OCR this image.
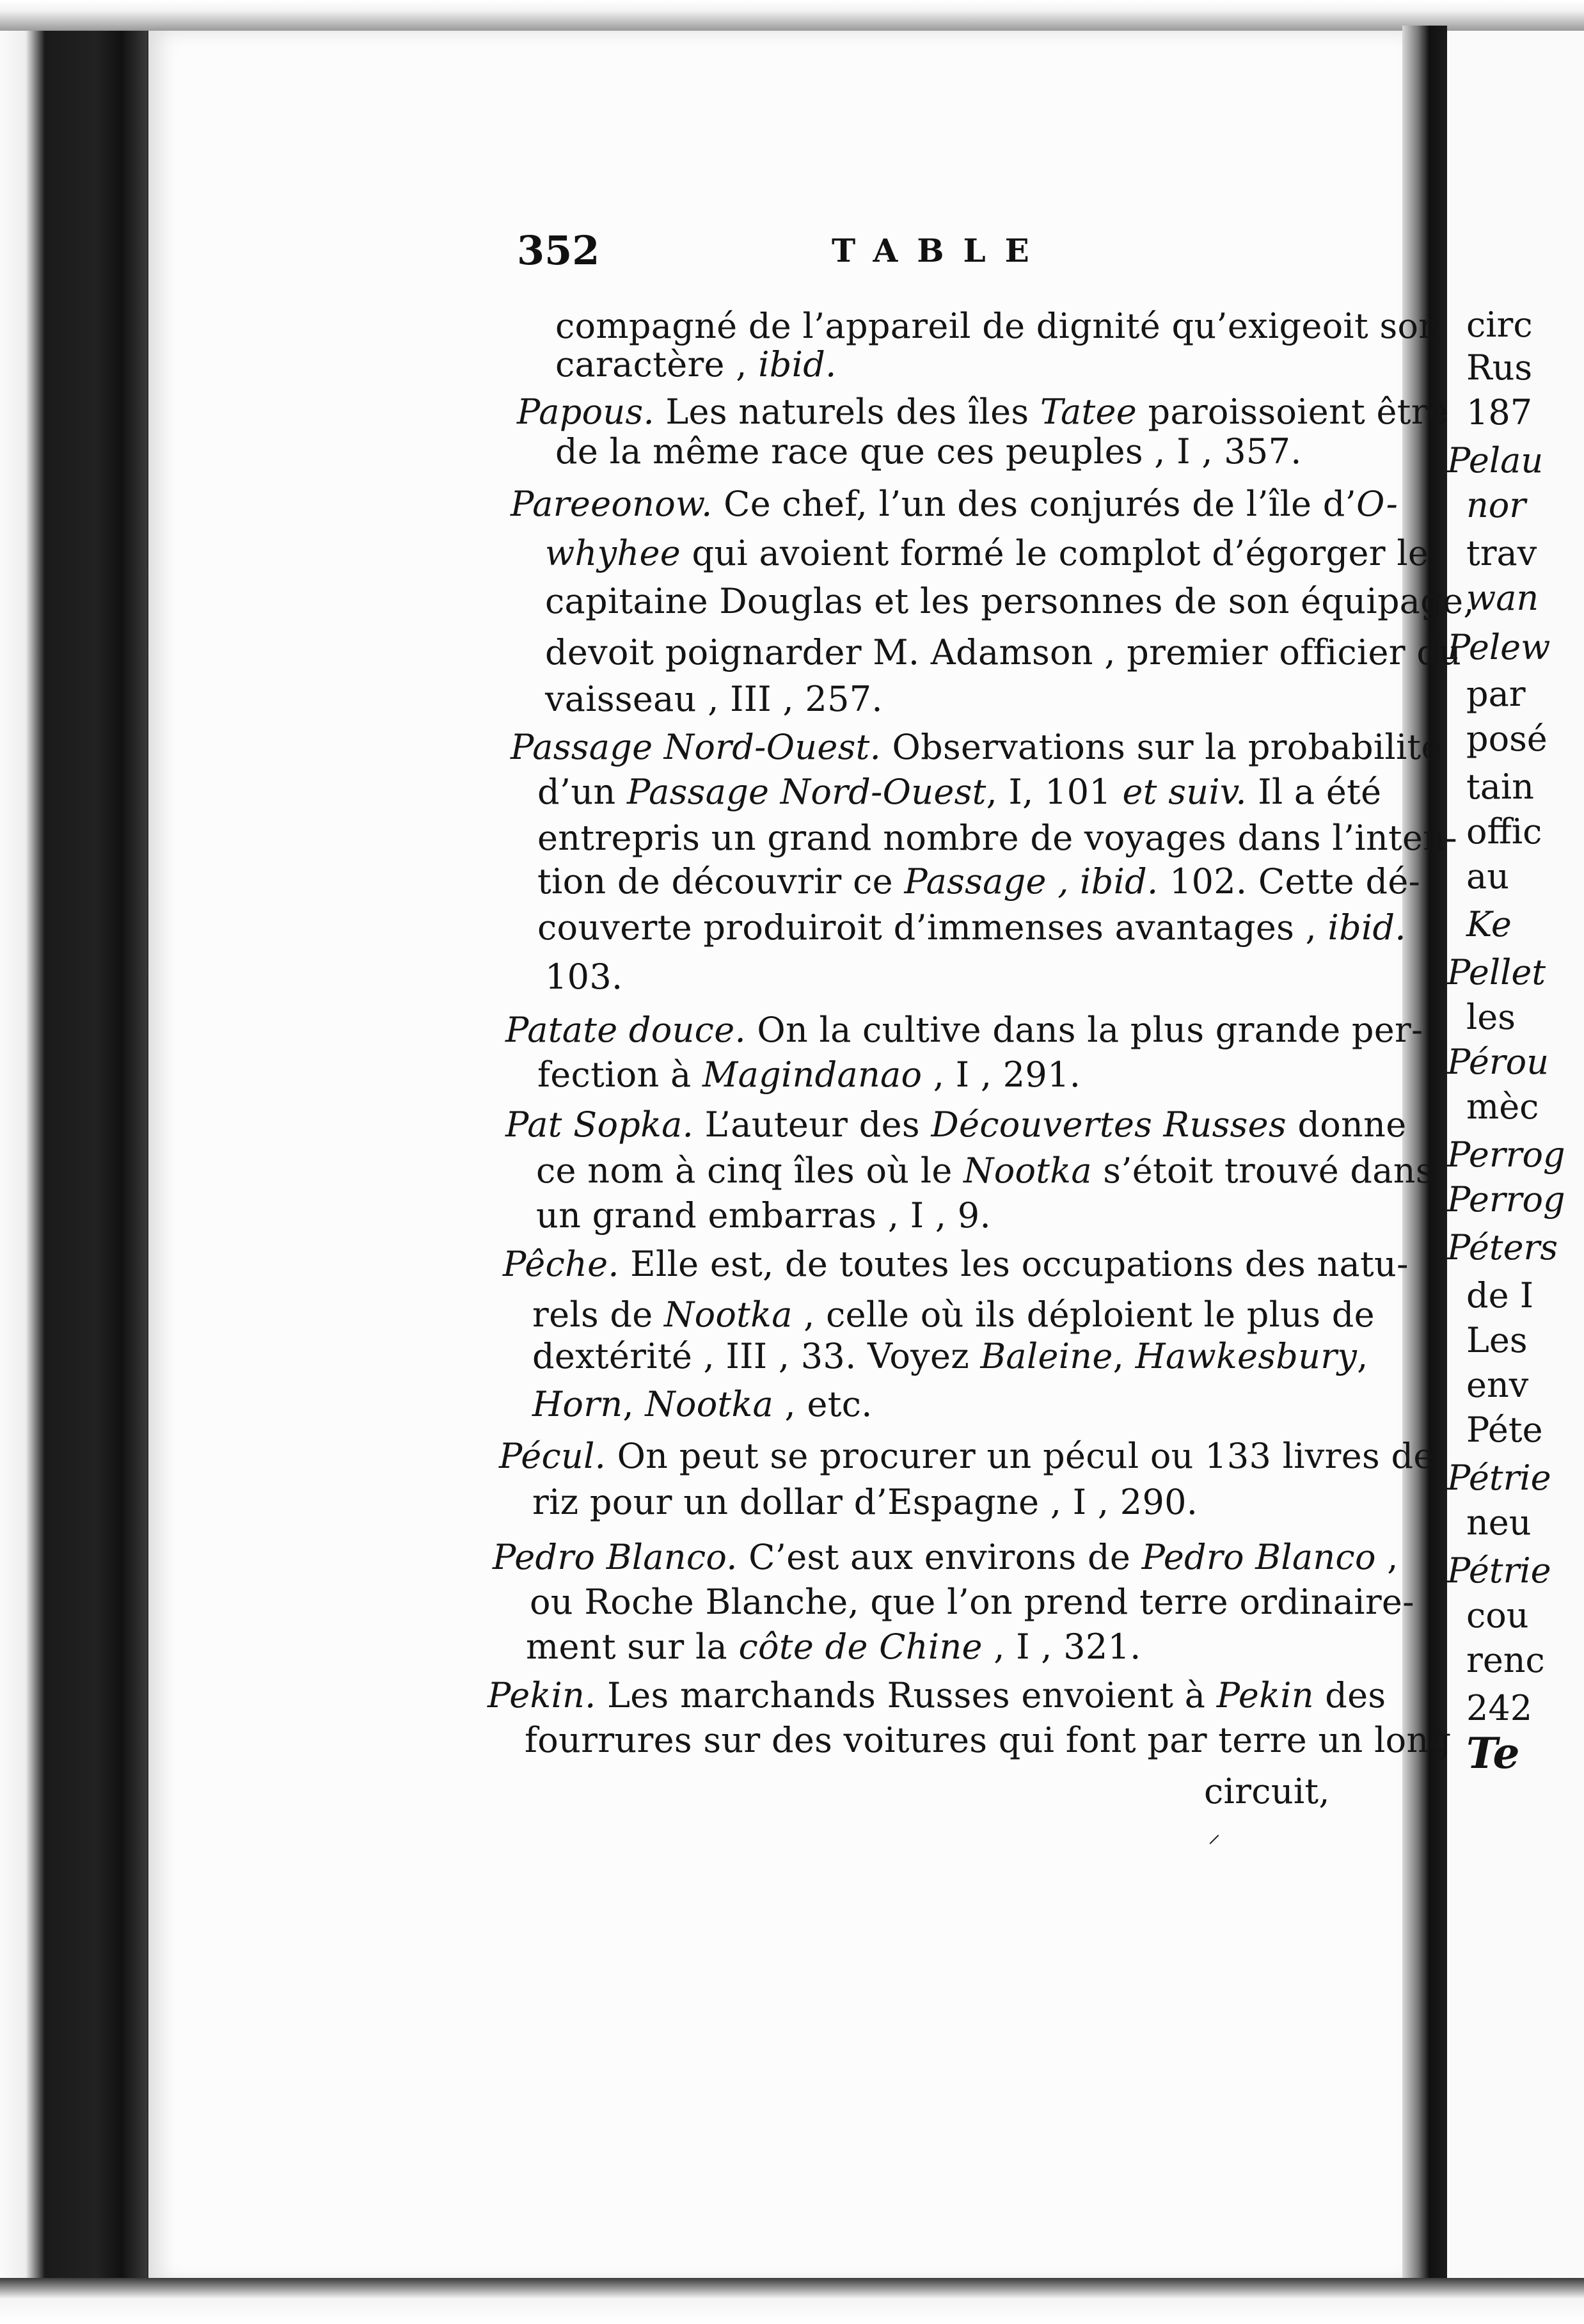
352	TABLE
circ
Rus
187
Pelau
nor
trav
wan
Pelew
par
posé
tain
offic
au
Ke
Pellet
les
Pérou
mèc
Perrog
Perrog
Péters
de I
Les
env
Péte
Pétrie
neu
Pétrie
cou
renc
242
Te
⸝
compagné de l’appareil de dignité qu’exigeoit son
caractère , ibid.
Papous. Les naturels des îles Tatee paroissoient être
de la même race que ces peuples , I , 357.
Pareeonow. Ce chef, l’un des conjurés de l’île d’ O-
whyhee qui avoient formé le complot d’égorger le
capitaine Douglas et les personnes de son équipage,
devoit poignarder M. Adamson , premier officier du
vaisseau , III , 257.
Passage Nord-Ouest. Observations sur la probabilité
d’un Passage Nord-Ouest , I, 101 et suiv. Il a été
entrepris un grand nombre de voyages dans l’inten-
tion de découvrir ce Passage , ibid. 102. Cette dé-
couverte produiroit d’immenses avantages , ibid.
103.
Patate douce. On la cultive dans la plus grande per-
fection à Magindanao , I , 291.
Pat Sopka. L’auteur des Découvertes Russes donne
ce nom à cinq îles où le Nootka s’étoit trouvé dans
un grand embarras , I , 9.
Pêche. Elle est, de toutes les occupations des natu-
rels de Nootka , celle où ils déploient le plus de
dextérité , III , 33. Voyez Baleine , Hawkesbury ,
Horn, Nootka , etc.
Pécul. On peut se procurer un pécul ou 133 livres de
riz pour un dollar d’Espagne , I , 290.
Pedro Blanco. C’est aux environs de Pedro Blanco ,
ou Roche Blanche, que l’on prend terre ordinaire-
ment sur la côte de Chine , I , 321.
Pekin. Les marchands Russes envoient à Pekin des
fourrures sur des voitures qui font par terre un long
circuit,
